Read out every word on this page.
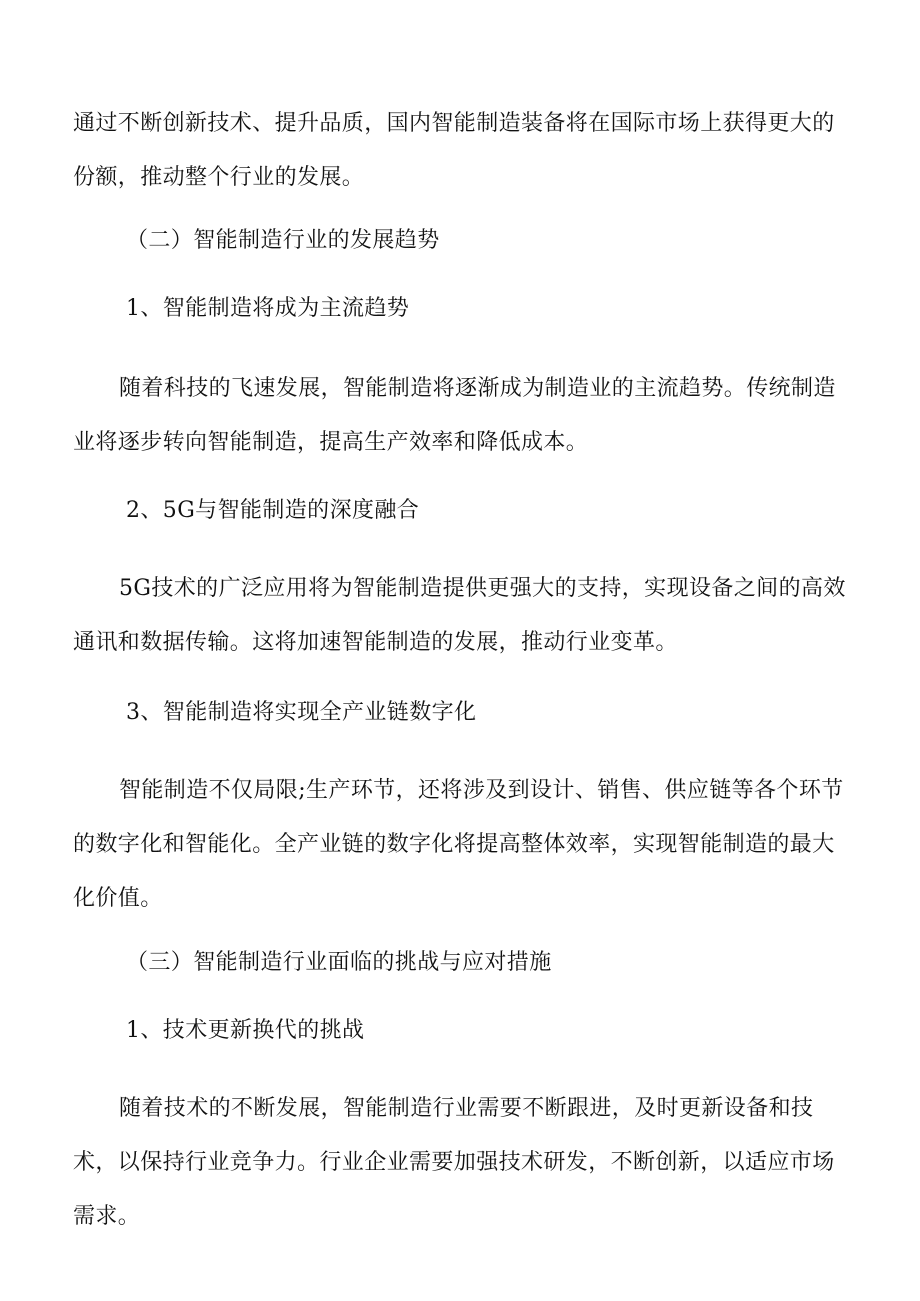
通过不断创新技术、提升品质，国内智能制造装备将在国际市场上获得更大的份额，推动整个行业的发展。

（二）智能制造行业的发展趋势

1、智能制造将成为主流趋势

随着科技的飞速发展，智能制造将逐渐成为制造业的主流趋势。传统制造业将逐步转向智能制造，提高生产效率和降低成本。

2、5G与智能制造的深度融合

5G技术的广泛应用将为智能制造提供更强大的支持，实现设备之间的高效通讯和数据传输。这将加速智能制造的发展，推动行业变革。

3、智能制造将实现全产业链数字化

智能制造不仅局限;生产环节，还将涉及到设计、销售、供应链等各个环节的数字化和智能化。全产业链的数字化将提高整体效率，实现智能制造的最大化价值。

（三）智能制造行业面临的挑战与应对措施

1、技术更新换代的挑战

随着技术的不断发展，智能制造行业需要不断跟进，及时更新设备和技术，以保持行业竞争力。行业企业需要加强技术研发，不断创新，以适应市场需求。
